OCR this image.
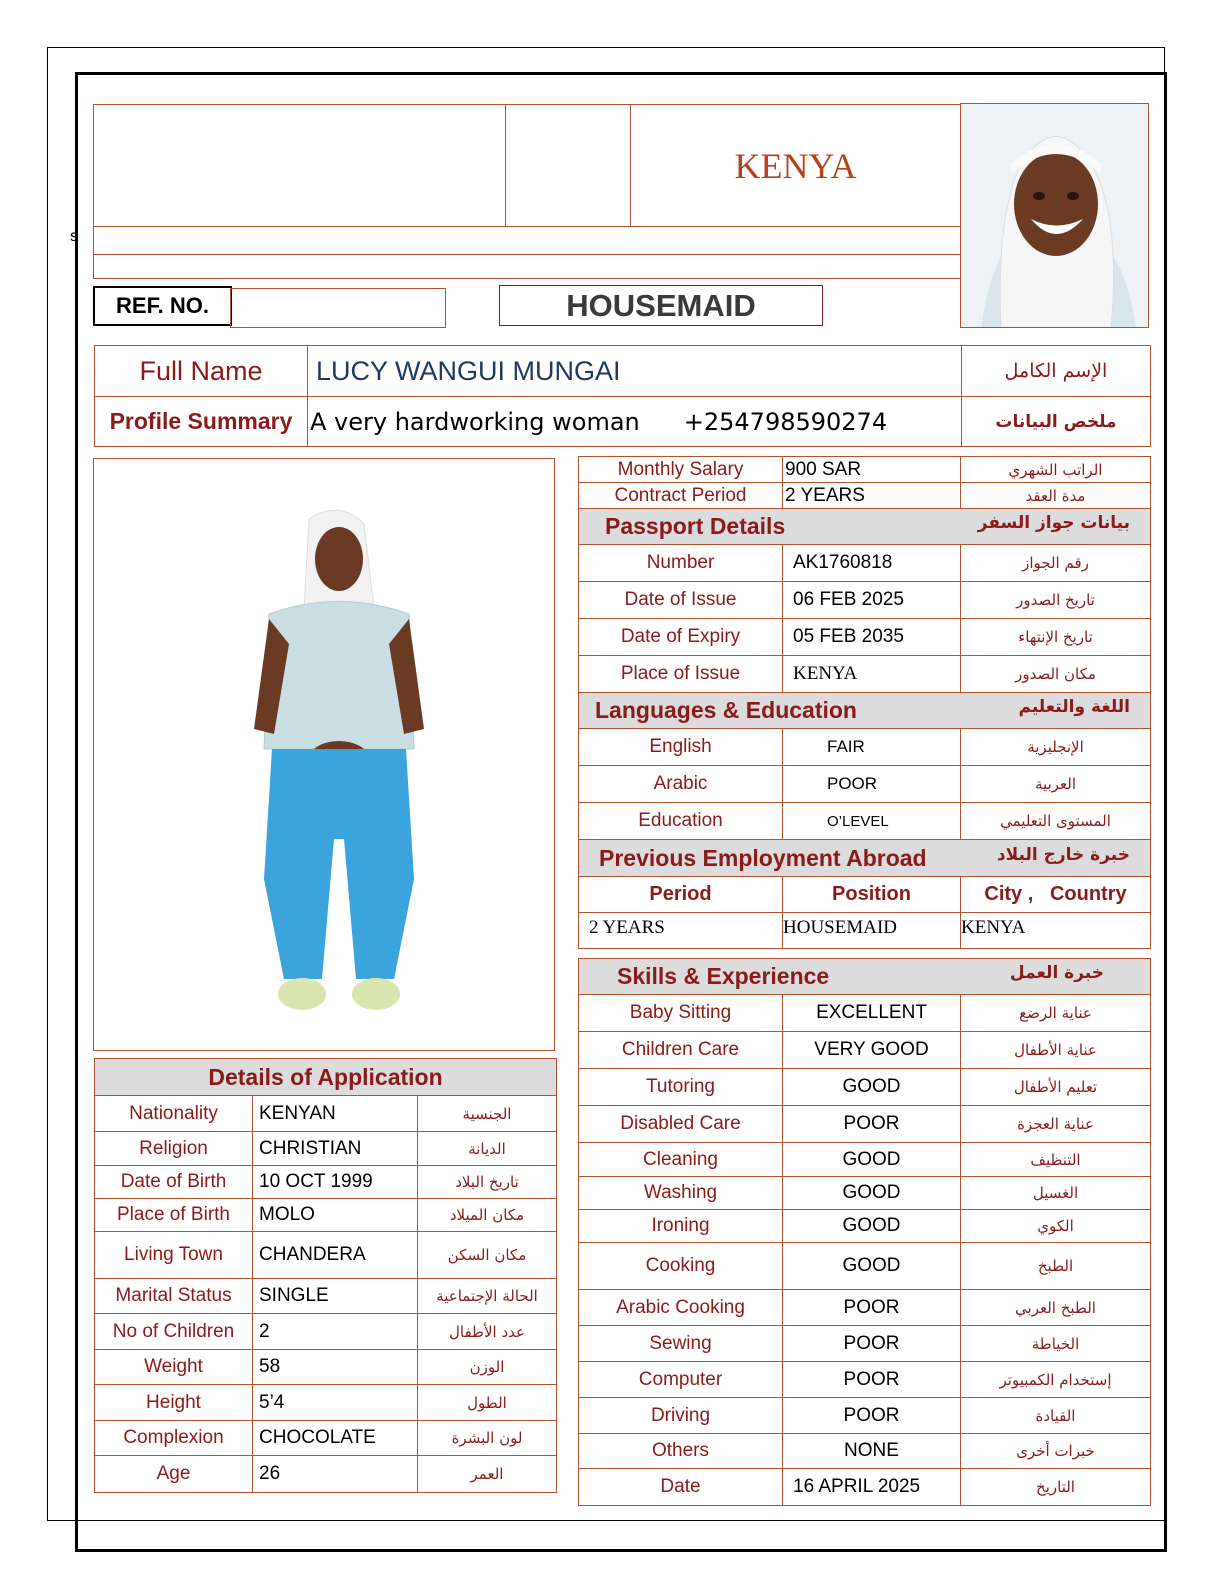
s
KENYA
REF. NO.	HOUSEMAID
Full Name	LUCY WANGUI MUNGAI	الإسم الكامل
Profile Summary	A very hardworking woman +254798590274	ملخص البيانات
Details of Application		
Nationality	KENYAN	الجنسية
Religion	CHRISTIAN	الديانة
Date of Birth	10 OCT 1999	تاريخ البلاد
Place of Birth	MOLO	مكان الميلاد
Living Town	CHANDERA	مكان السكن
Marital Status	SINGLE	الحالة الإجتماعية
No of Children	2	عدد الأطفال
Weight	58	الوزن
Height	5’4	الطول
Complexion	CHOCOLATE	لون البشرة
Age	26	العمر
Monthly Salary	900 SAR	الراتب الشهري
Contract Period	2 YEARS	مدة العقد
Passport Details بيانات جواز السفر		

Number	AK1760818	رقم الجواز
Date of Issue	06 FEB 2025	تاريخ الصدور
Date of Expiry	05 FEB 2035	تاريخ الإنتهاء
Place of Issue	KENYA	مكان الصدور
Languages & Education اللغة والتعليم		

English	FAIR	الإنجليزية
Arabic	POOR	العربية
Education	O’LEVEL	المستوى التعليمي
Previous Employment Abroad خبرة خارج البلاد		

Period	Position	City ,   Country
2 YEARS	HOUSEMAID	KENYA

Skills & Experience خبرة العمل		

Baby Sitting	EXCELLENT	عناية الرضع
Children Care	VERY GOOD	عناية الأطفال
Tutoring	GOOD	تعليم الأطفال
Disabled Care	POOR	عناية العجزة
Cleaning	GOOD	التنظيف
Washing	GOOD	الغسيل
Ironing	GOOD	الكوي
Cooking	GOOD	الطبخ
Arabic Cooking	POOR	الطبخ العربي
Sewing	POOR	الخياطة
Computer	POOR	إستخدام الكمبيوتر
Driving	POOR	القيادة
Others	NONE	خبرات أخرى
Date	16 APRIL 2025	التاريخ
